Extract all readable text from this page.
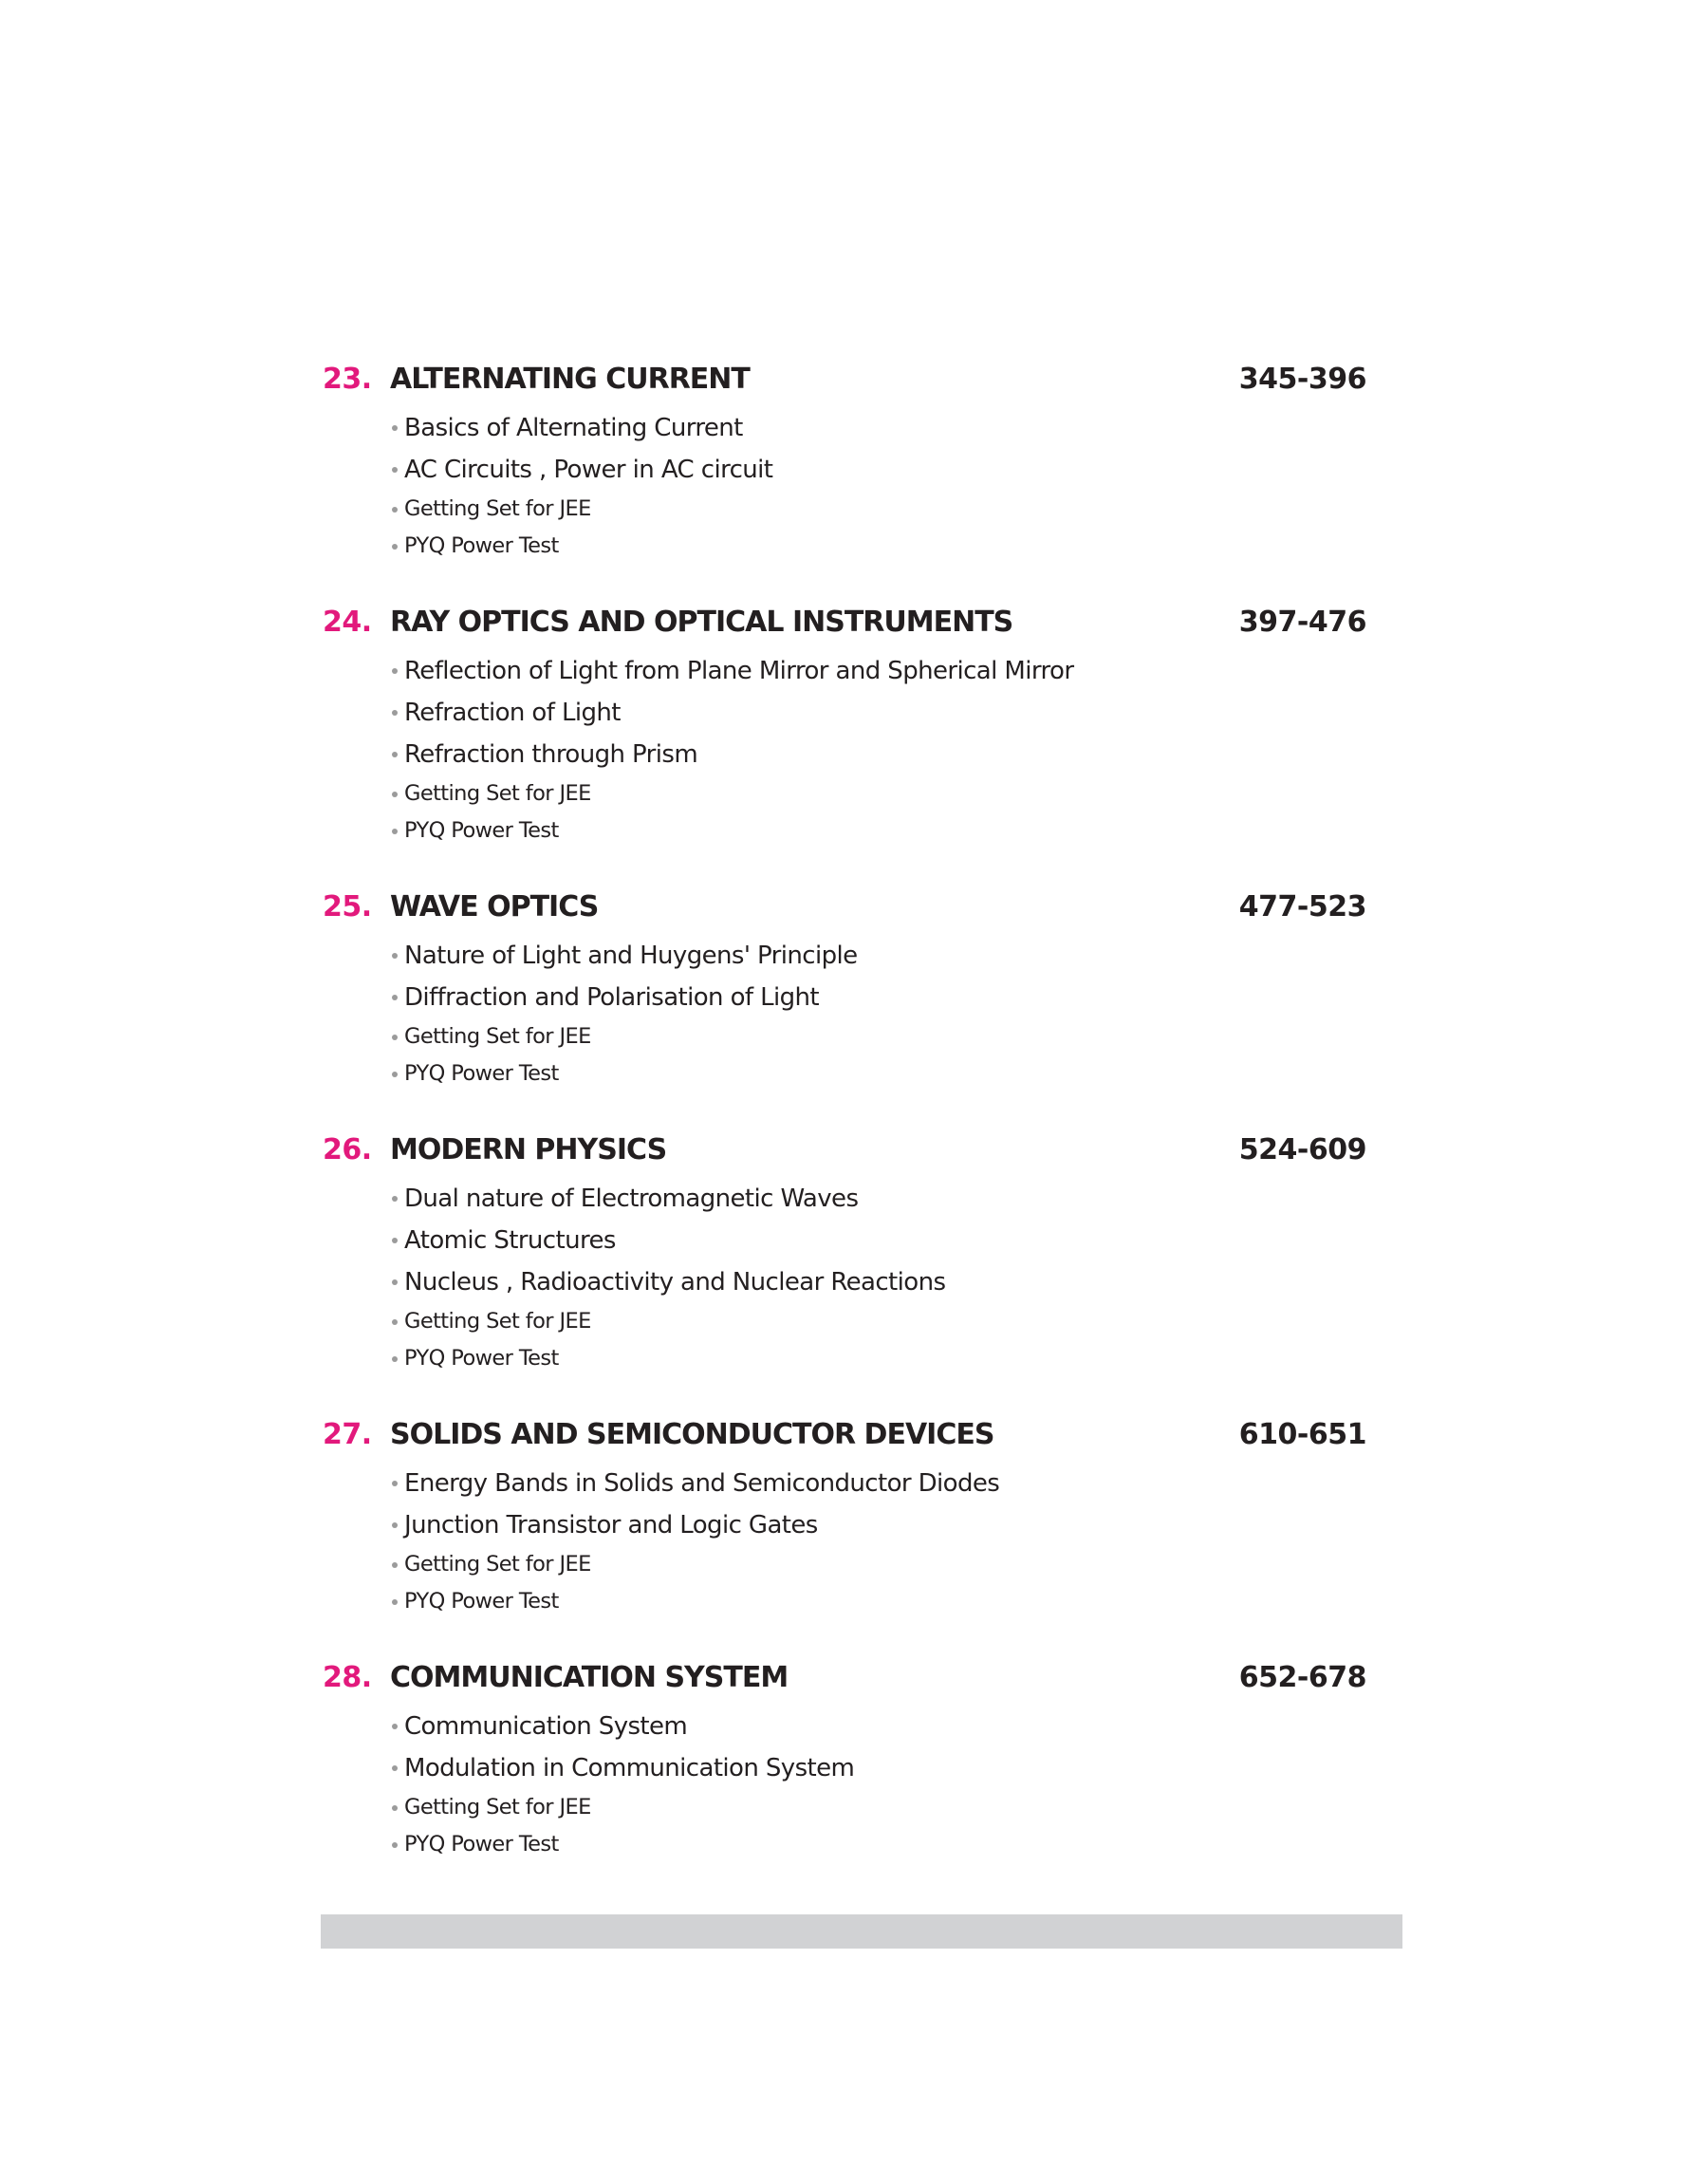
23. ALTERNATING CURRENT	345-396
Basics of Alternating Current
AC Circuits , Power in AC circuit
Getting Set for JEE
PYQ Power Test
24. RAY OPTICS AND OPTICAL INSTRUMENTS	397-476
Reflection of Light from Plane Mirror and Spherical Mirror
Refraction of Light
Refraction through Prism
Getting Set for JEE
PYQ Power Test
25. WAVE OPTICS	477-523
Nature of Light and Huygens' Principle
Diffraction and Polarisation of Light
Getting Set for JEE
PYQ Power Test
26. MODERN PHYSICS	524-609
Dual nature of Electromagnetic Waves
Atomic Structures
Nucleus , Radioactivity and Nuclear Reactions
Getting Set for JEE
PYQ Power Test
27. SOLIDS AND SEMICONDUCTOR DEVICES	610-651
Energy Bands in Solids and Semiconductor Diodes
Junction Transistor and Logic Gates
Getting Set for JEE
PYQ Power Test
28. COMMUNICATION SYSTEM	652-678
Communication System
Modulation in Communication System
Getting Set for JEE
PYQ Power Test
